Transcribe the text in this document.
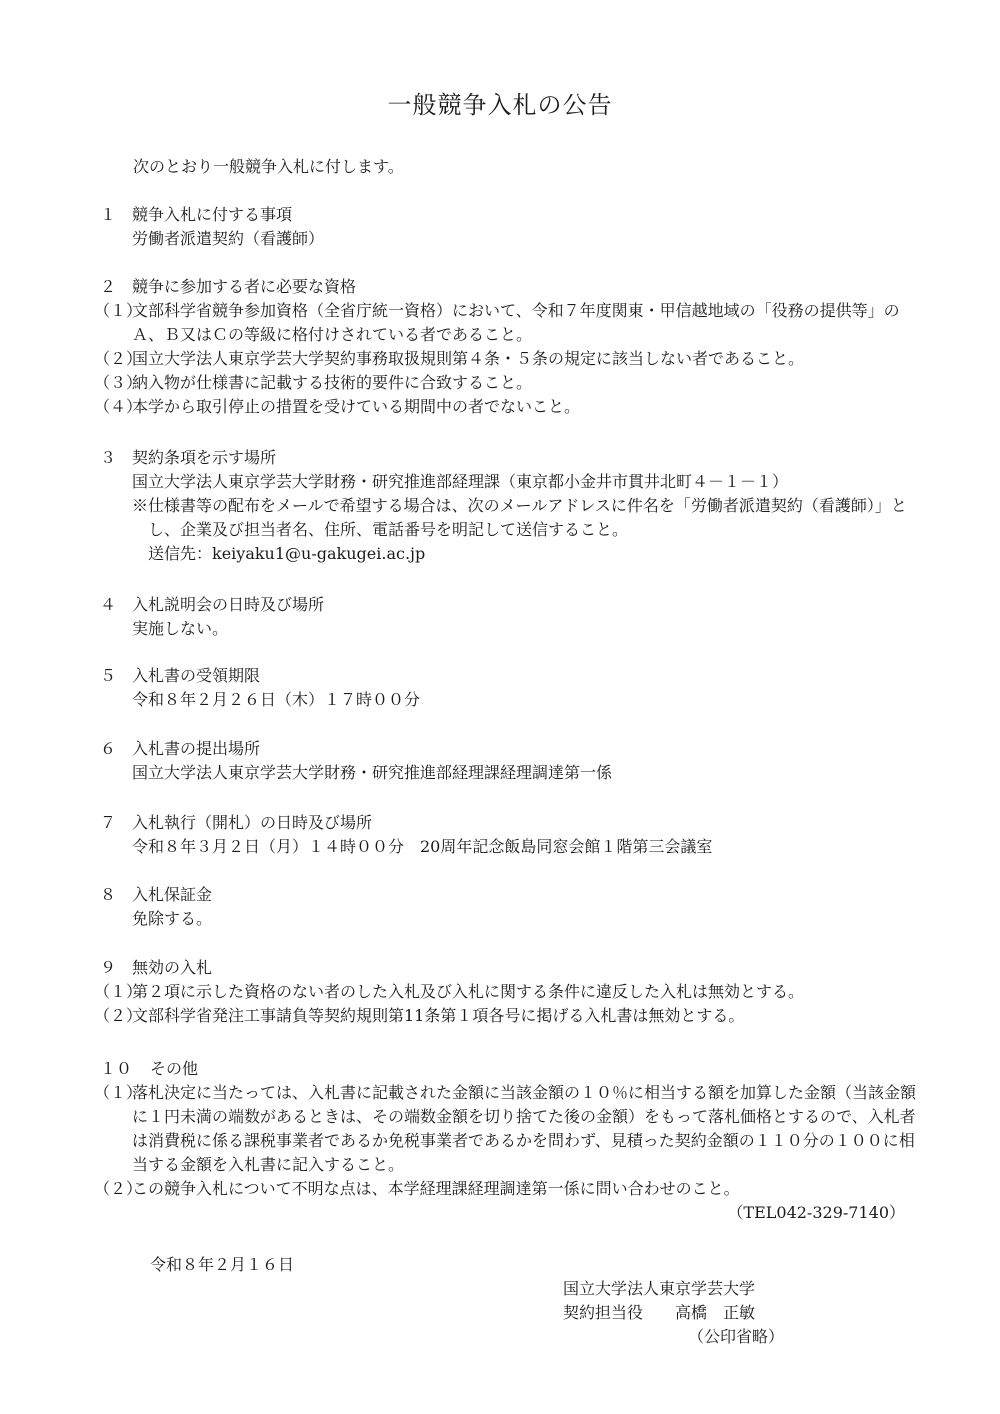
一般競争入札の公告
次のとおり一般競争入札に付します。
１ 競争入札に付する事項
労働者派遣契約（看護師）
２ 競争に参加する者に必要な資格
（１）
文部科学省競争参加資格（全省庁統一資格）において、令和７年度関東・甲信越地域の「役務の提供等」のＡ、Ｂ又はＣの等級に格付けされている者であること。
（２）
国立大学法人東京学芸大学契約事務取扱規則第４条・５条の規定に該当しない者であること。
（３）
納入物が仕様書に記載する技術的要件に合致すること。
（４）
本学から取引停止の措置を受けている期間中の者でないこと。
３ 契約条項を示す場所
国立大学法人東京学芸大学財務・研究推進部経理課（東京都小金井市貫井北町４－１－１）
※仕様書等の配布をメールで希望する場合は、次のメールアドレスに件名を「労働者派遣契約（看護師）」とし、企業及び担当者名、住所、電話番号を明記して送信すること。
送信先：keiyaku1@u-gakugei.ac.jp
４ 入札説明会の日時及び場所
実施しない。
５ 入札書の受領期限
令和８年２月２６日（木）１７時００分
６ 入札書の提出場所
国立大学法人東京学芸大学財務・研究推進部経理課経理調達第一係
７ 入札執行（開札）の日時及び場所
令和８年３月２日（月）１４時００分　20周年記念飯島同窓会館１階第三会議室
８ 入札保証金
免除する。
９ 無効の入札
（１）
第２項に示した資格のない者のした入札及び入札に関する条件に違反した入札は無効とする。
（２）
文部科学省発注工事請負等契約規則第11条第１項各号に掲げる入札書は無効とする。
１０	その他
（１）
落札決定に当たっては、入札書に記載された金額に当該金額の１０％に相当する額を加算した金額（当該金額に１円未満の端数があるときは、その端数金額を切り捨てた後の金額）をもって落札価格とするので、入札者は消費税に係る課税事業者であるか免税事業者であるかを問わず、見積った契約金額の１１０分の１００に相当する金額を入札書に記入すること。
（２）
この競争入札について不明な点は、本学経理課経理調達第一係に問い合わせのこと。
（TEL042-329-7140）
令和８年２月１６日
国立大学法人東京学芸大学
契約担当役　　高橋　正敏
（公印省略）
